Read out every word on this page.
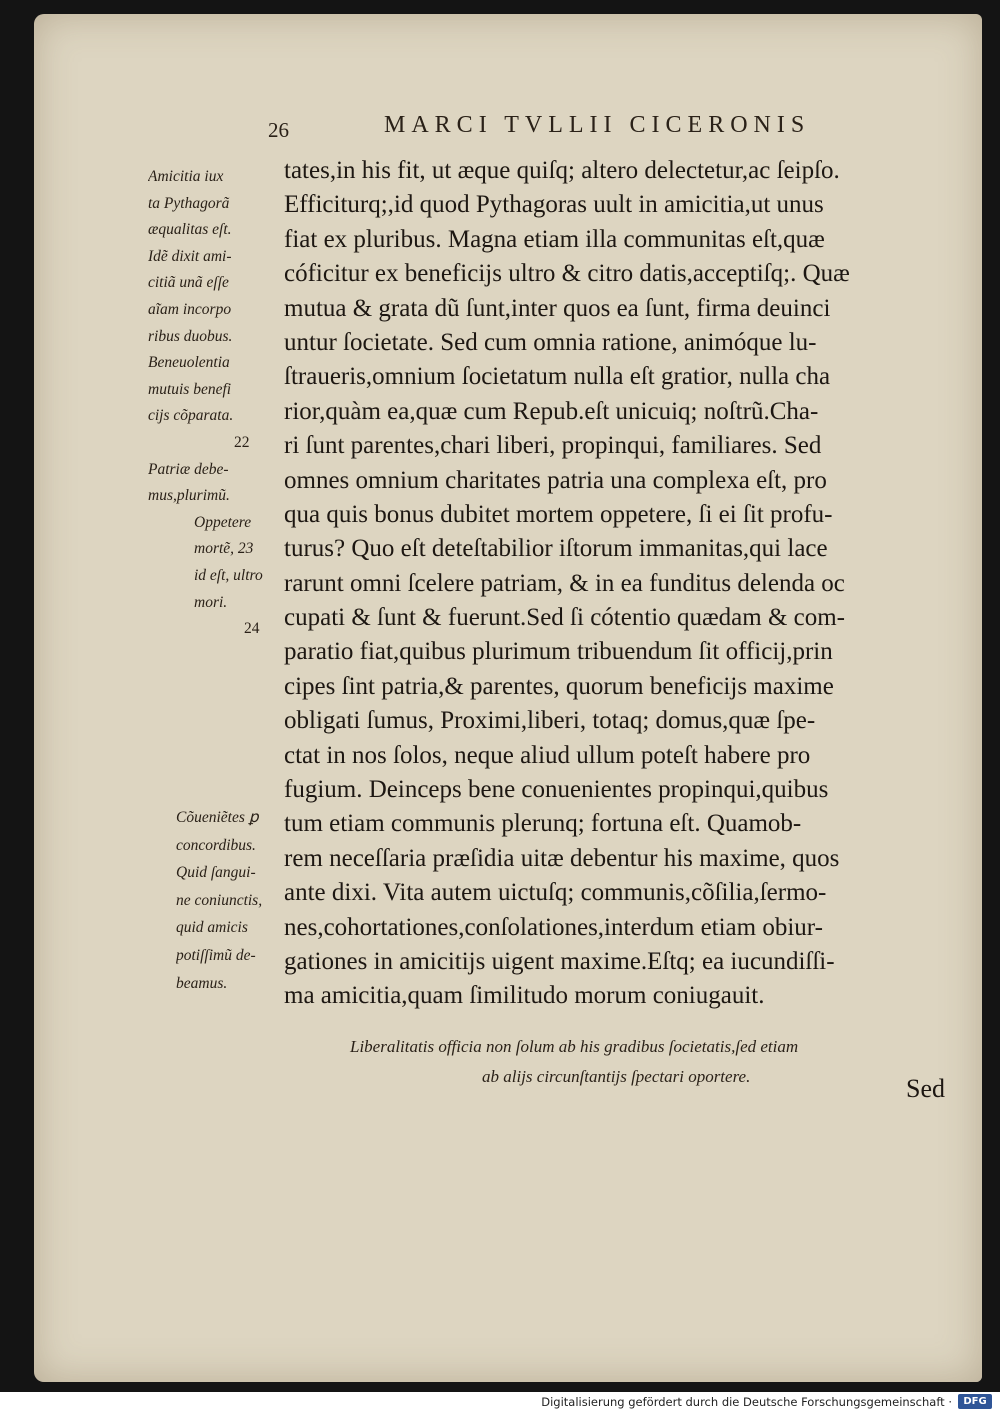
26	MARCI TVLLII CICERONIS
Amicitia iux
ta Pythagorã
æqualitas eſt.
Idẽ dixit ami-
citiã unã eſſe
aĩam incorpo
ribus duobus.
Beneuolentia
mutuis benefi
cijs cõparata.
22
Patriæ debe-
mus,plurimũ.
Oppetere
mortẽ, 23
id eſt, ultro
mori.
24
Cõueniẽtes ꝑ
concordibus.
Quid ſangui-
ne coniunctis,
quid amicis
potiſſimũ de-
beamus.
tates,in his fit, ut æque quiſq; altero delectetur,ac ſeipſo.
Efficiturq;,id quod Pythagoras uult in amicitia,ut unus
fiat ex pluribus. Magna etiam illa communitas eſt,quæ
cóficitur ex beneficijs ultro & citro datis,acceptiſq;. Quæ
mutua & grata dũ ſunt,inter quos ea ſunt, firma deuinci
untur ſocietate. Sed cum omnia ratione, animóque lu-
ſtraueris,omnium ſocietatum nulla eſt gratior, nulla cha
rior,quàm ea,quæ cum Repub.eſt unicuiq; noſtrũ.Cha-
ri ſunt parentes,chari liberi, propinqui, familiares. Sed
omnes omnium charitates patria una complexa eſt, pro
qua quis bonus dubitet mortem oppetere, ſi ei ſit profu-
turus? Quo eſt deteſtabilior iſtorum immanitas,qui lace
rarunt omni ſcelere patriam, & in ea funditus delenda oc
cupati & ſunt & fuerunt.Sed ſi cótentio quædam & com-
paratio fiat,quibus plurimum tribuendum ſit officij,prin
cipes ſint patria,& parentes, quorum beneficijs maxime
obligati ſumus, Proximi,liberi, totaq; domus,quæ ſpe-
ctat in nos ſolos, neque aliud ullum poteſt habere pro
fugium. Deinceps bene conuenientes propinqui,quibus
tum etiam communis plerunq; fortuna eſt. Quamob-
rem neceſſaria præſidia uitæ debentur his maxime, quos
ante dixi. Vita autem uictuſq; communis,cõſilia,ſermo-
nes,cohortationes,conſolationes,interdum etiam obiur-
gationes in amicitijs uigent maxime.Eſtq; ea iucundiſſi-
ma amicitia,quam ſimilitudo morum coniugauit.
Liberalitatis officia non ſolum ab his gradibus ſocietatis,ſed etiam
ab alijs circunſtantijs ſpectari oportere.	Sed
Digitalisierung gefördert durch die Deutsche Forschungsgemeinschaft ·	DFG
